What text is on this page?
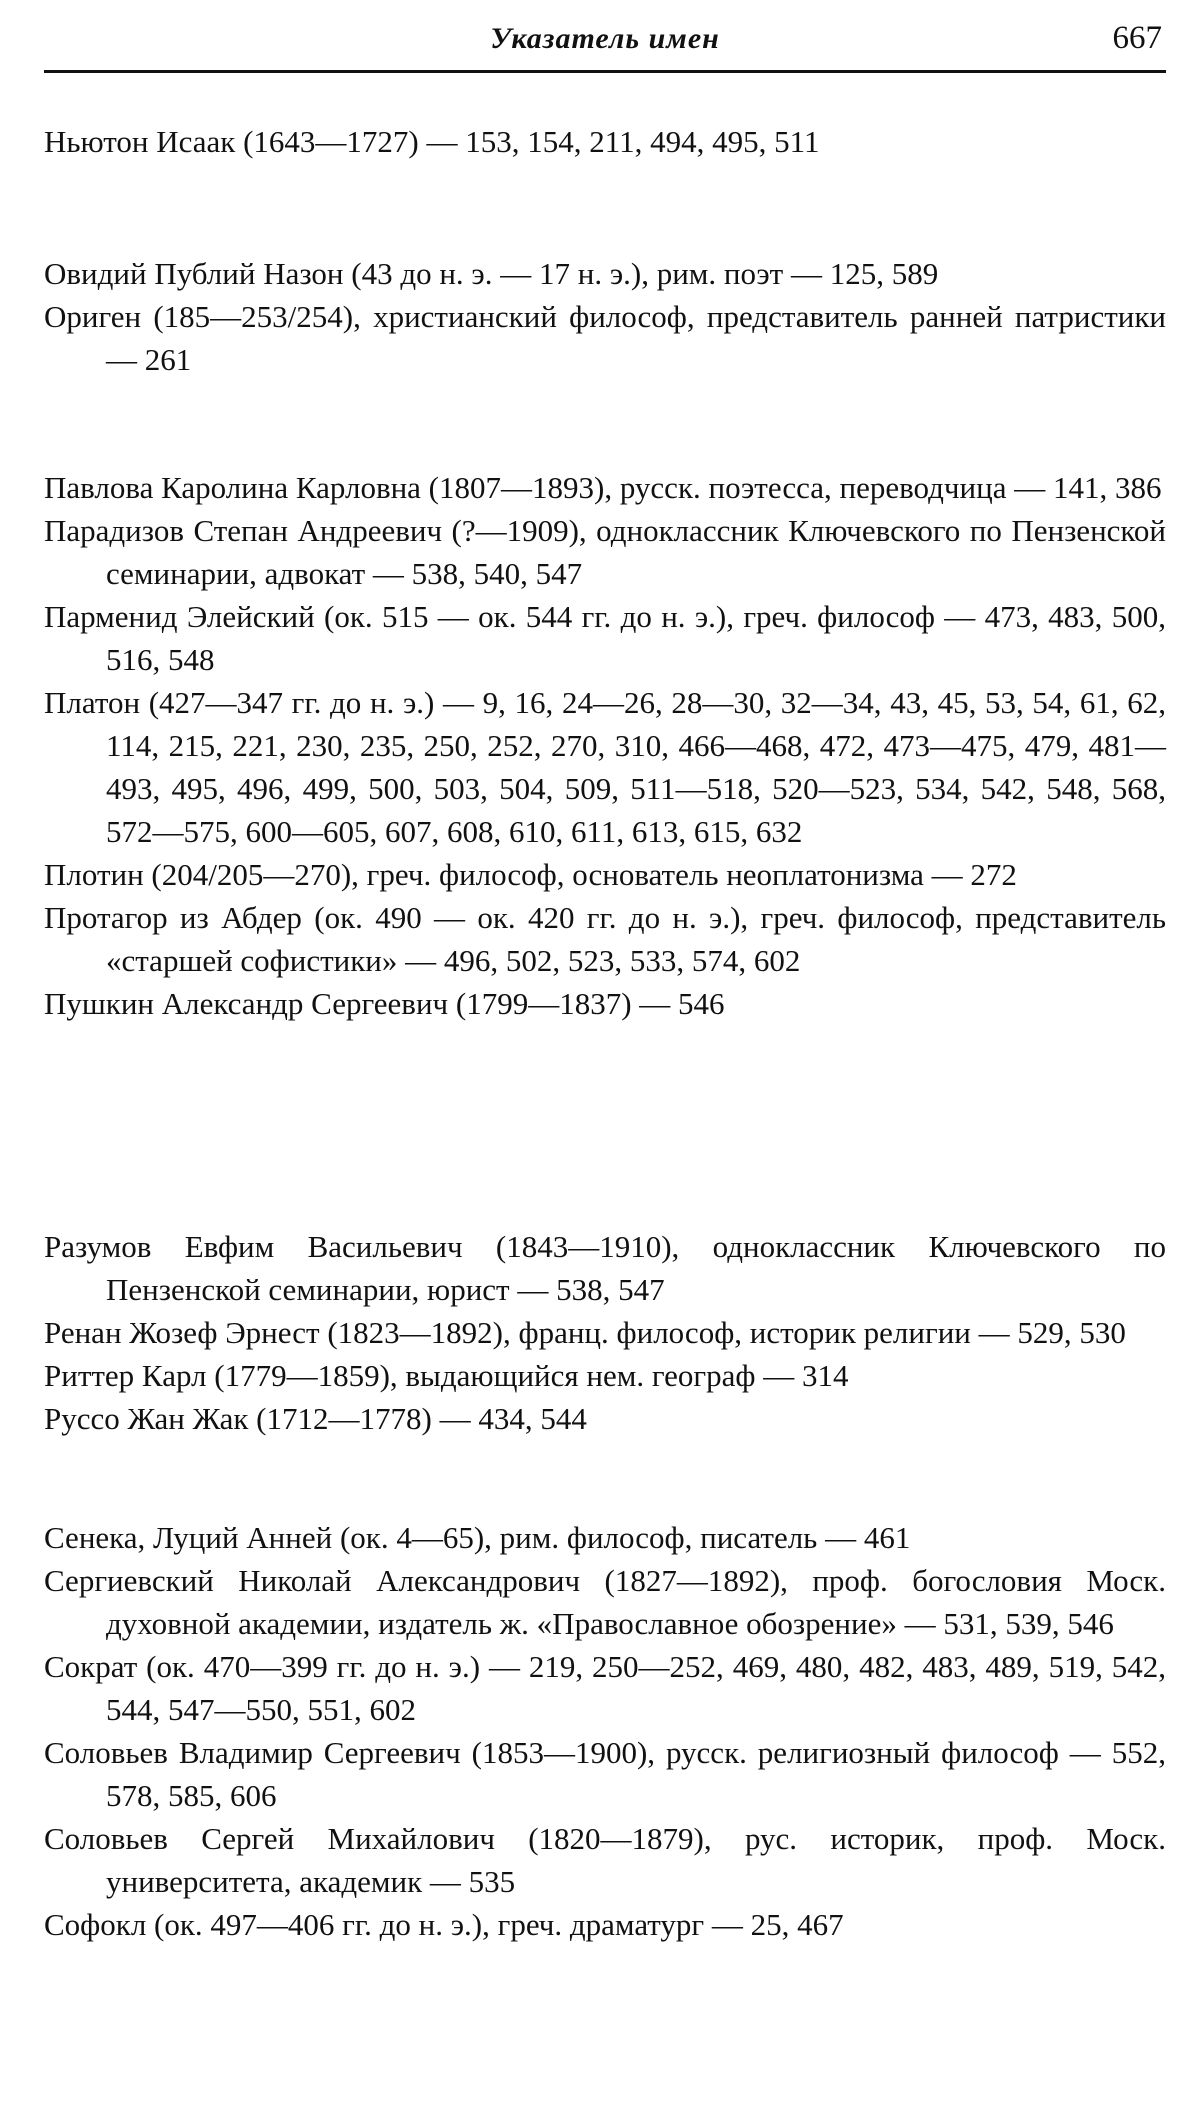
Указатель имен	667
Ньютон Исаак (1643—1727) — 153, 154, 211, 494, 495, 511
Овидий Публий Назон (43 до н. э. — 17 н. э.), рим. поэт — 125, 589
Ориген (185—253/254), христианский философ, представитель ранней патристики — 261
Павлова Каролина Карловна (1807—1893), русск. поэтесса, переводчица — 141, 386
Парадизов Степан Андреевич (?—1909), одноклассник Ключевского по Пензенской семинарии, адвокат — 538, 540, 547
Парменид Элейский (ок. 515 — ок. 544 гг. до н. э.), греч. философ — 473, 483, 500, 516, 548
Платон (427—347 гг. до н. э.) — 9, 16, 24—26, 28—30, 32—34, 43, 45, 53, 54, 61, 62, 114, 215, 221, 230, 235, 250, 252, 270, 310, 466—468, 472, 473—475, 479, 481—493, 495, 496, 499, 500, 503, 504, 509, 511—518, 520—523, 534, 542, 548, 568, 572—575, 600—605, 607, 608, 610, 611, 613, 615, 632
Плотин (204/205—270), греч. философ, основатель неоплатонизма — 272
Протагор из Абдер (ок. 490 — ок. 420 гг. до н. э.), греч. философ, представитель «старшей софистики» — 496, 502, 523, 533, 574, 602
Пушкин Александр Сергеевич (1799—1837) — 546
Разумов Евфим Васильевич (1843—1910), одноклассник Ключевского по Пензенской семинарии, юрист — 538, 547
Ренан Жозеф Эрнест (1823—1892), франц. философ, историк религии — 529, 530
Риттер Карл (1779—1859), выдающийся нем. географ — 314
Руссо Жан Жак (1712—1778) — 434, 544
Сенека, Луций Анней (ок. 4—65), рим. философ, писатель — 461
Сергиевский Николай Александрович (1827—1892), проф. богословия Моск. духовной академии, издатель ж. «Православное обозрение» — 531, 539, 546
Сократ (ок. 470—399 гг. до н. э.) — 219, 250—252, 469, 480, 482, 483, 489, 519, 542, 544, 547—550, 551, 602
Соловьев Владимир Сергеевич (1853—1900), русск. религиозный философ — 552, 578, 585, 606
Соловьев Сергей Михайлович (1820—1879), рус. историк, проф. Моск. университета, академик — 535
Софокл (ок. 497—406 гг. до н. э.), греч. драматург — 25, 467
